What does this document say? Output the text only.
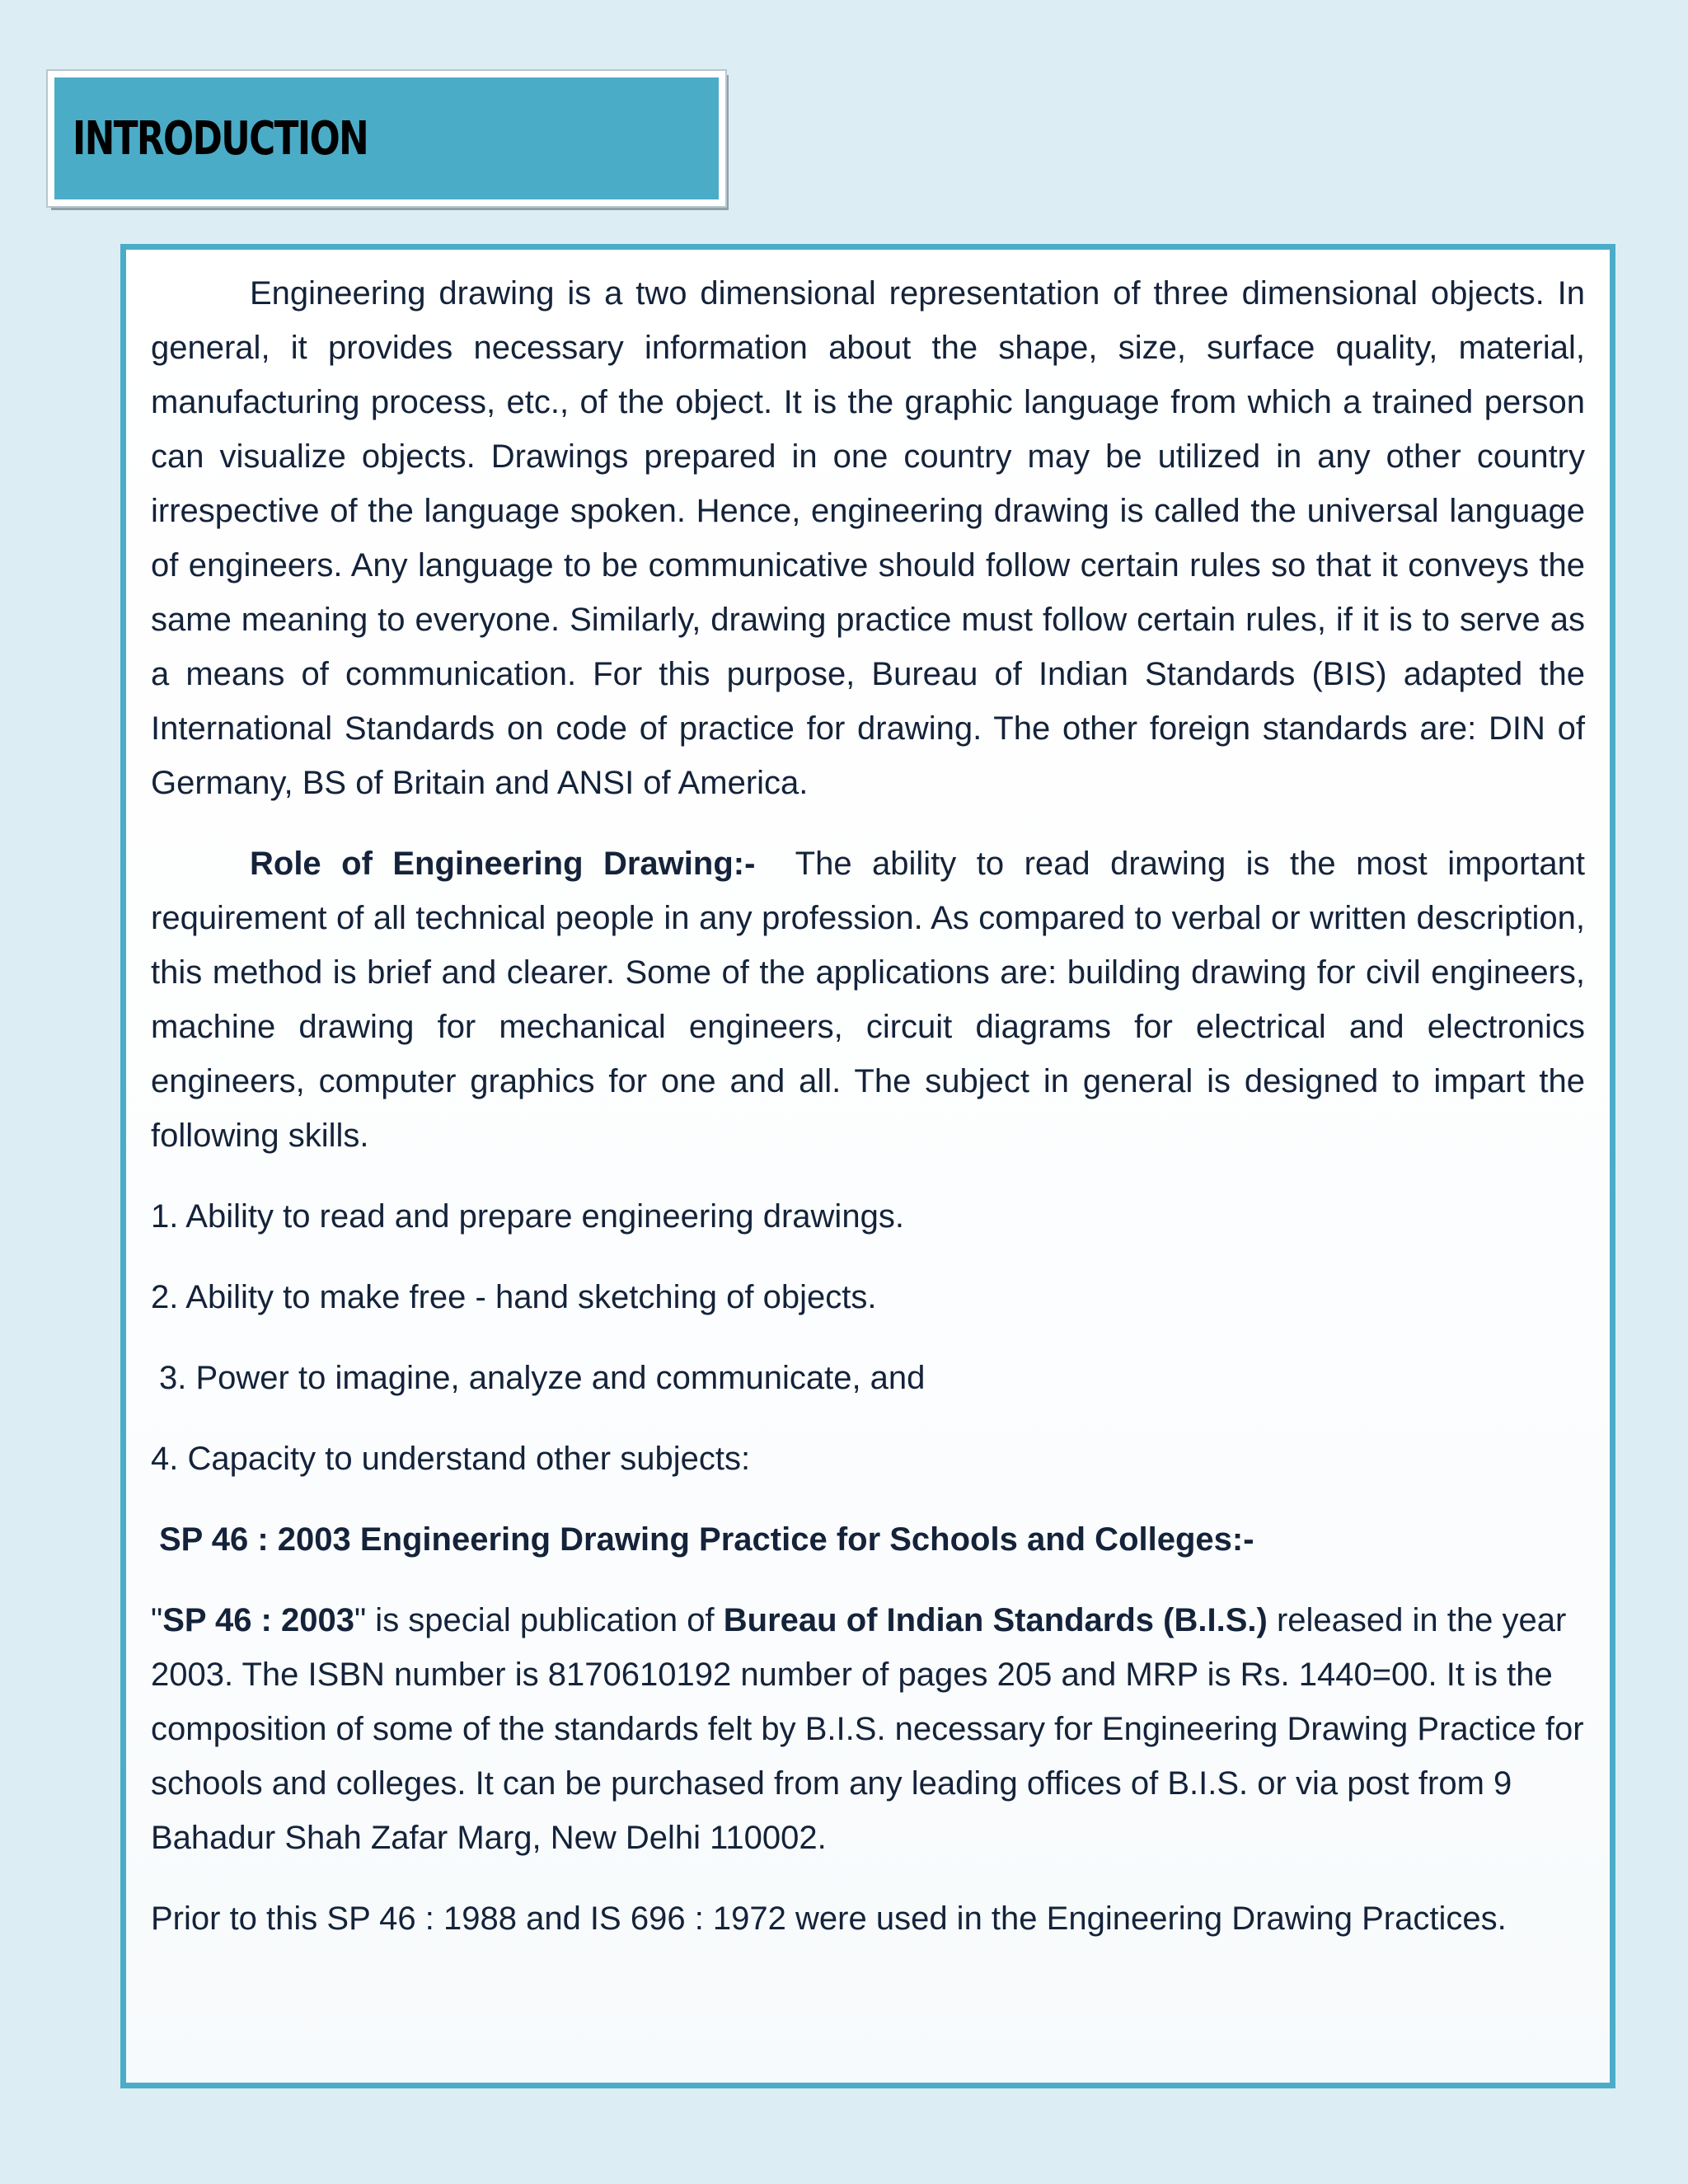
INTRODUCTION

Engineering drawing is a two dimensional representation of three dimensional objects. In general, it provides necessary information about the shape, size, surface quality, material, manufacturing process, etc., of the object. It is the graphic language from which a trained person can visualize objects. Drawings prepared in one country may be utilized in any other country irrespective of the language spoken. Hence, engineering drawing is called the universal language of engineers. Any language to be communicative should follow certain rules so that it conveys the same meaning to everyone. Similarly, drawing practice must follow certain rules, if it is to serve as a means of communication. For this purpose, Bureau of Indian Standards (BIS) adapted the International Standards on code of practice for drawing. The other foreign standards are: DIN of Germany, BS of Britain and ANSI of America.

Role of Engineering Drawing:- The ability to read drawing is the most important requirement of all technical people in any profession. As compared to verbal or written description, this method is brief and clearer. Some of the applications are: building drawing for civil engineers, machine drawing for mechanical engineers, circuit diagrams for electrical and electronics engineers, computer graphics for one and all. The subject in general is designed to impart the following skills.

1. Ability to read and prepare engineering drawings.

2. Ability to make free - hand sketching of objects.

3. Power to imagine, analyze and communicate, and

4. Capacity to understand other subjects:

SP 46 : 2003 Engineering Drawing Practice for Schools and Colleges:-

"SP 46 : 2003" is special publication of Bureau of Indian Standards (B.I.S.) released in the year 2003. The ISBN number is 8170610192 number of pages 205 and MRP is Rs. 1440=00. It is the composition of some of the standards felt by B.I.S. necessary for Engineering Drawing Practice for schools and colleges. It can be purchased from any leading offices of B.I.S. or via post from 9 Bahadur Shah Zafar Marg, New Delhi 110002.

Prior to this SP 46 : 1988 and IS 696 : 1972 were used in the Engineering Drawing Practices.
